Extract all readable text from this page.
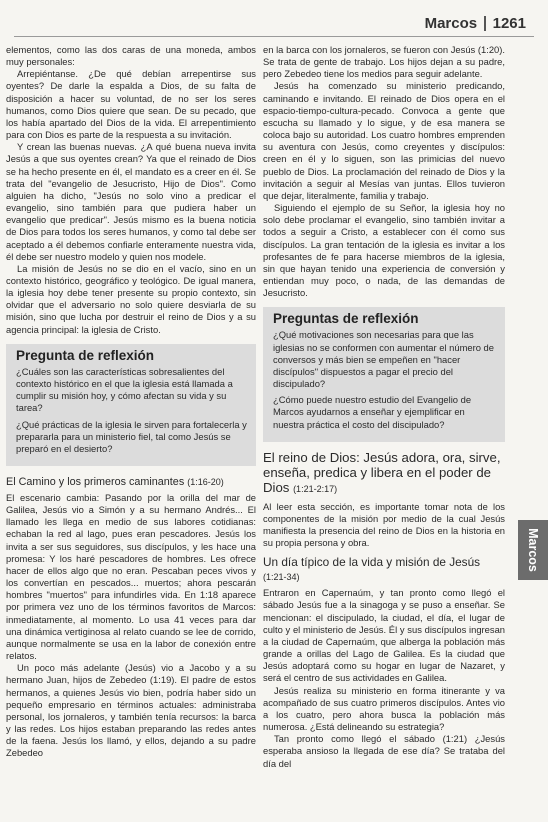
Marcos 1261

elementos, como las dos caras de una moneda, ambos muy personales:

Arrepiéntanse. ¿De qué debían arrepentirse sus oyentes? De darle la espalda a Dios, de su falta de disposición a hacer su voluntad, de no ser los seres humanos, como Dios quiere que sean. De su pecado, que los había apartado del Dios de la vida. El arrepentimiento para con Dios es parte de la respuesta a su invitación.

Y crean las buenas nuevas. ¿A qué buena nueva invita Jesús a que sus oyentes crean? Ya que el reinado de Dios se ha hecho presente en él, el mandato es a creer en él. Se trata del "evangelio de Jesucristo, Hijo de Dios". Como alguien ha dicho, "Jesús no solo vino a predicar el evangelio, sino también para que pudiera haber un evangelio que predicar". Jesús mismo es la buena noticia de Dios para todos los seres humanos, y como tal debe ser aceptado a él debemos confiarle enteramente nuestra vida, él debe ser nuestro modelo y quien nos modele.

La misión de Jesús no se dio en el vacío, sino en un contexto histórico, geográfico y teológico. De igual manera, la iglesia hoy debe tener presente su propio contexto, sin olvidar que el adversario no solo quiere desviarla de su misión, sino que lucha por destruir el reino de Dios y a su agencia principal: la iglesia de Cristo.

Pregunta de reflexión

¿Cuáles son las características sobresalientes del contexto histórico en el que la iglesia está llamada a cumplir su misión hoy, y cómo afectan su vida y su tarea?

¿Qué prácticas de la iglesia le sirven para fortalecerla y prepararla para un ministerio fiel, tal como Jesús se preparó en el desierto?

El Camino y los primeros caminantes (1:16-20)

El escenario cambia: Pasando por la orilla del mar de Galilea, Jesús vio a Simón y a su hermano Andrés... El llamado les llega en medio de sus labores cotidianas: echaban la red al lago, pues eran pescadores. Jesús los invita a ser sus seguidores, sus discípulos, y les hace una promesa: Y los haré pescadores de hombres. Les ofrece hacer de ellos algo que no eran. Pescaban peces vivos y los convertían en pescados... muertos; ahora pescarán hombres "muertos" para infundirles vida. En 1:18 aparece por primera vez uno de los términos favoritos de Marcos: inmediatamente, al momento. Lo usa 41 veces para dar una dinámica vertiginosa al relato cuando se lee de corrido, aunque normalmente se usa en la labor de conexión entre relatos.

Un poco más adelante (Jesús) vio a Jacobo y a su hermano Juan, hijos de Zebedeo (1:19). El padre de estos hermanos, a quienes Jesús vio bien, podría haber sido un pequeño empresario en términos actuales: administraba personal, los jornaleros, y también tenía recursos: la barca y las redes. Los hijos estaban preparando las redes antes de la faena. Jesús los llamó, y ellos, dejando a su padre Zebedeo

en la barca con los jornaleros, se fueron con Jesús (1:20). Se trata de gente de trabajo. Los hijos dejan a su padre, pero Zebedeo tiene los medios para seguir adelante.

Jesús ha comenzado su ministerio predicando, caminando e invitando. El reinado de Dios opera en el espacio-tiempo-cultura-pecado. Convoca a gente que escucha su llamado y lo sigue, y de esa manera se coloca bajo su autoridad. Los cuatro hombres emprenden su aventura con Jesús, como creyentes y discípulos: creen en él y lo siguen, son las primicias del nuevo pueblo de Dios. La proclamación del reinado de Dios y la invitación a seguir al Mesías van juntas. Ellos tuvieron que dejar, literalmente, familia y trabajo.

Siguiendo el ejemplo de su Señor, la iglesia hoy no solo debe proclamar el evangelio, sino también invitar a todos a seguir a Cristo, a establecer con él como sus discípulos. La gran tentación de la iglesia es invitar a los profesantes de fe para hacerse miembros de la iglesia, sin que hayan tenido una experiencia de conversión y entiendan muy poco, o nada, de las demandas de Jesucristo.

Preguntas de reflexión

¿Qué motivaciones son necesarias para que las iglesias no se conformen con aumentar el número de conversos y más bien se empeñen en "hacer discípulos" dispuestos a pagar el precio del discipulado?

¿Cómo puede nuestro estudio del Evangelio de Marcos ayudarnos a enseñar y ejemplificar en nuestra práctica el costo del discipulado?

El reino de Dios: Jesús adora, ora, sirve, enseña, predica y libera en el poder de Dios (1:21-2:17)

Al leer esta sección, es importante tomar nota de los componentes de la misión por medio de la cual Jesús manifiesta la presencia del reino de Dios en la historia en su propia persona y obra.

Un día típico de la vida y misión de Jesús (1:21-34)

Entraron en Capernaúm, y tan pronto como llegó el sábado Jesús fue a la sinagoga y se puso a enseñar. Se mencionan: el discipulado, la ciudad, el día, el lugar de culto y el ministerio de Jesús. Él y sus discípulos ingresan a la ciudad de Capernaúm, que alberga la población más grande a orillas del Lago de Galilea. Es la ciudad que Jesús adoptará como su hogar en lugar de Nazaret, y será el centro de sus actividades en Galilea.

Jesús realiza su ministerio en forma itinerante y va acompañado de sus cuatro primeros discípulos. Antes vio a los cuatro, pero ahora busca la población más numerosa. ¿Está delineando su estrategia?

Tan pronto como llegó el sábado (1:21) ¿Jesús esperaba ansioso la llegada de ese día? Se trataba del día del

Marcos
